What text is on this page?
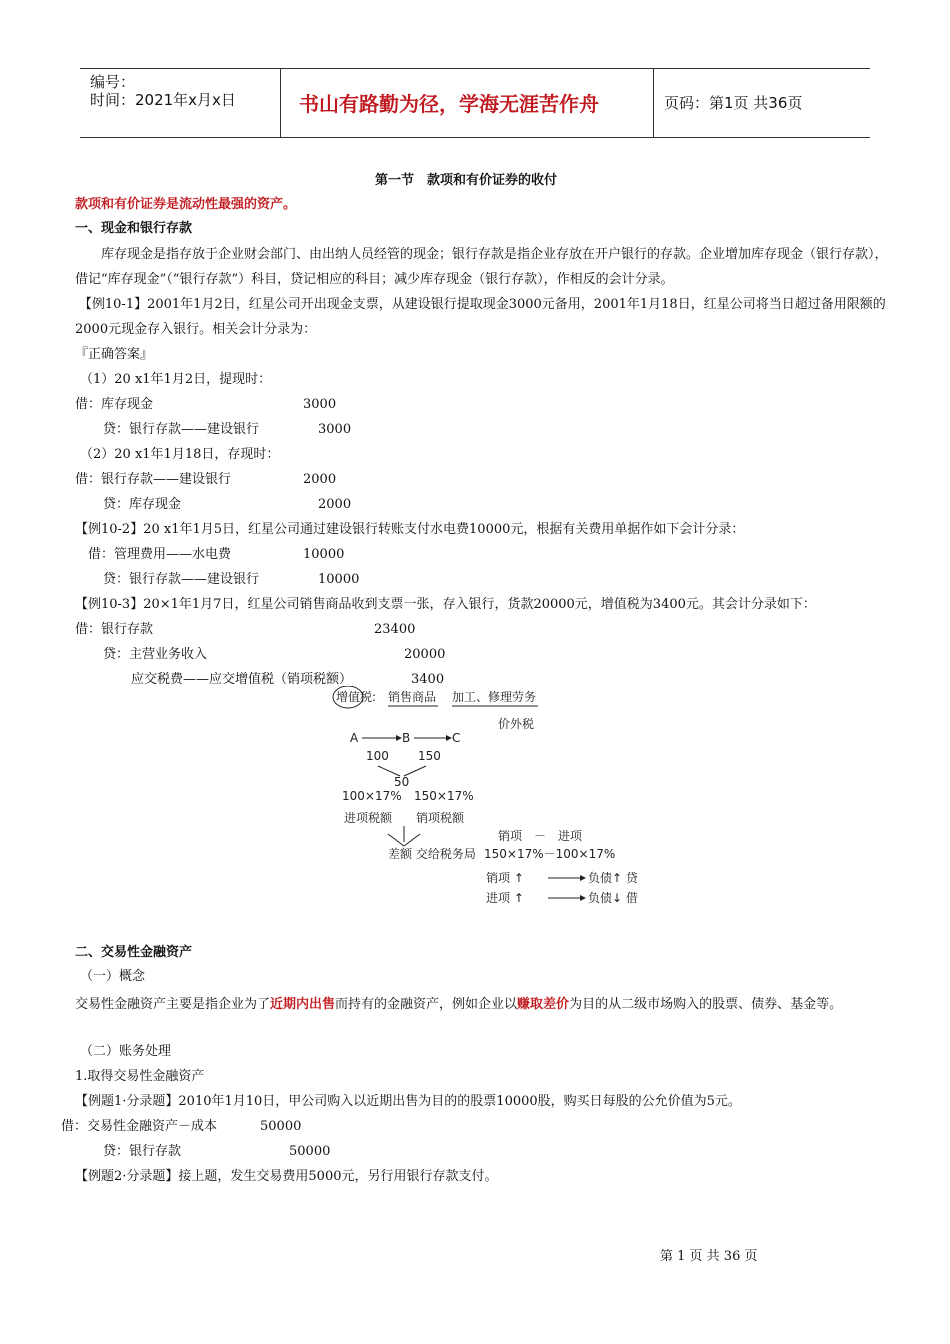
编号：
时间：2021年x月x日	书山有路勤为径，学海无涯苦作舟	页码：第1页 共36页
第一节　款项和有价证券的收付
款项和有价证券是流动性最强的资产。
一、现金和银行存款
库存现金是指存放于企业财会部门、由出纳人员经管的现金；银行存款是指企业存放在开户银行的存款。企业增加库存现金（银行存款），借记“库存现金”（“银行存款”）科目，贷记相应的科目；减少库存现金（银行存款），作相反的会计分录。
【例10-1】2001年1月2日，红星公司开出现金支票，从建设银行提取现金3000元备用，2001年1月18日，红星公司将当日超过备用限额的2000元现金存入银行。相关会计分录为：
『正确答案』
（1）20 x1年1月2日，提现时：
借：库存现金	3000
贷：银行存款——建设银行	3000
（2）20 x1年1月18日，存现时：
借：银行存款——建设银行	2000
贷：库存现金	2000
【例10-2】20 x1年1月5日，红星公司通过建设银行转账支付水电费10000元，根据有关费用单据作如下会计分录：
借：管理费用——水电费	10000
贷：银行存款——建设银行	10000
【例10-3】20×1年1月7日，红星公司销售商品收到支票一张，存入银行，货款20000元，增值税为3400元。其会计分录如下：
借：银行存款	23400
贷：主营业务收入	20000
应交税费——应交增值税（销项税额）	3400
增值税: 销售商品 加工、修理劳务
价外税
A	B	C
100 150
50
100×17% 150×17%
进项税额 销项税额
差额 交给税务局
销项　－　进项
150×17%－100×17%
销项 ↑	负债↑ 贷
进项 ↑	负债↓ 借
二、交易性金融资产
（一）概念
交易性金融资产主要是指企业为了近期内出售而持有的金融资产，例如企业以赚取差价为目的从二级市场购入的股票、债券、基金等。
（二）账务处理
1.取得交易性金融资产
【例题1·分录题】2010年1月10日，甲公司购入以近期出售为目的的股票10000股，购买日每股的公允价值为5元。
借：交易性金融资产－成本	50000
贷：银行存款	50000
【例题2·分录题】接上题，发生交易费用5000元，另行用银行存款支付。
第 1 页 共 36 页
